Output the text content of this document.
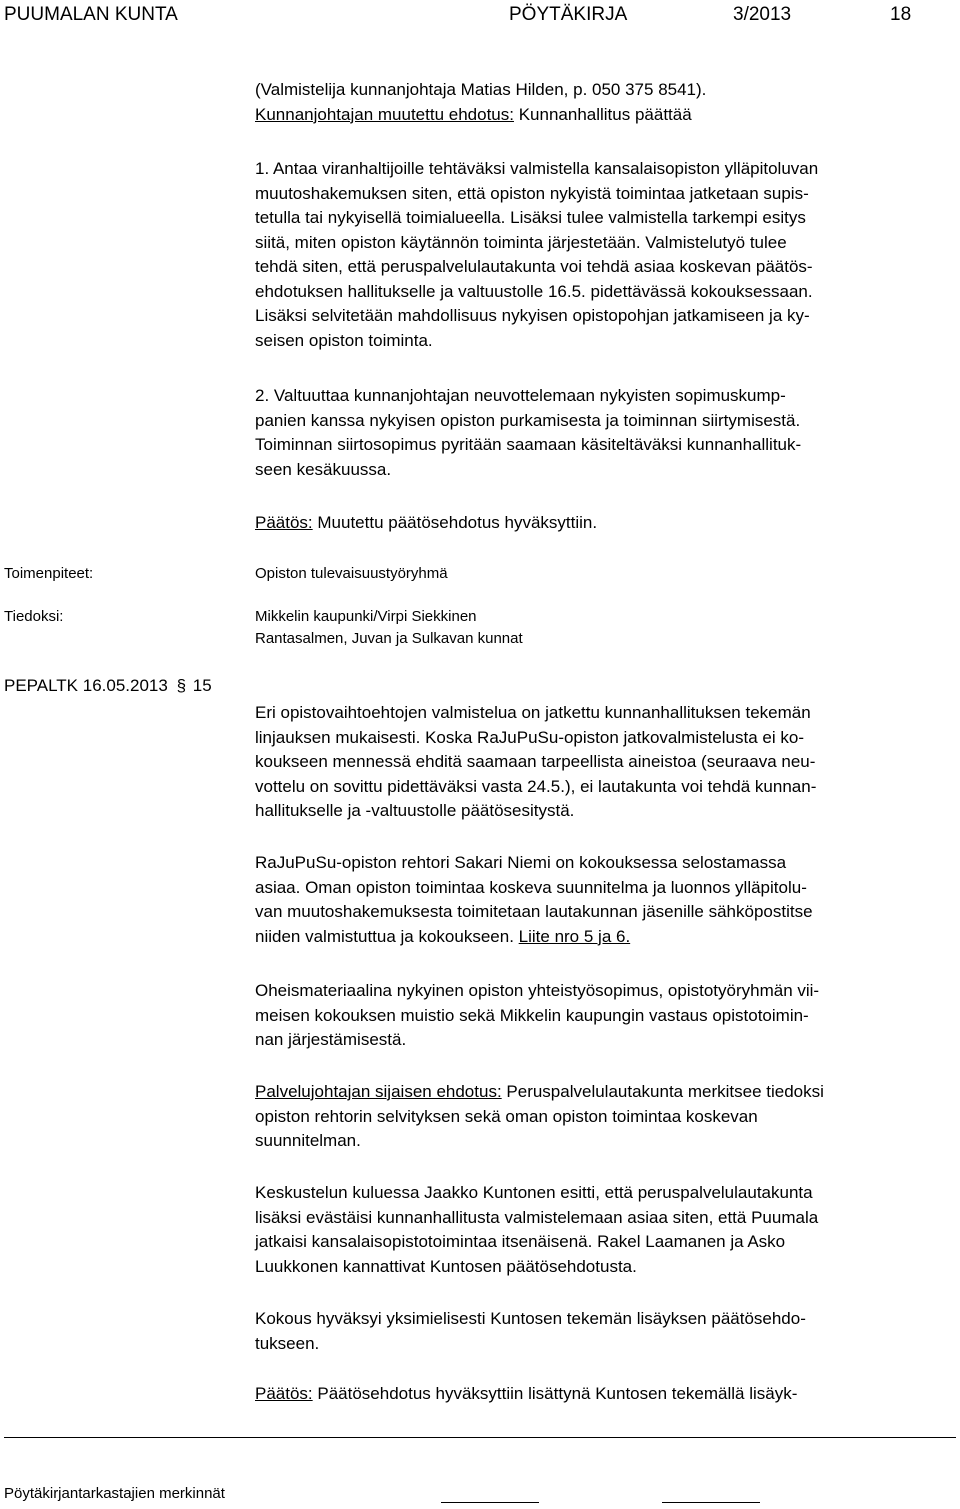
PUUMALAN KUNTA	PÖYTÄKIRJA	3/2013	18
(Valmistelija kunnanjohtaja Matias Hilden, p. 050 375 8541).
Kunnanjohtajan muutettu ehdotus: Kunnanhallitus päättää
1. Antaa viranhaltijoille tehtäväksi valmistella kansalaisopiston ylläpitoluvan
muutoshakemuksen siten, että opiston nykyistä toimintaa jatketaan supis-
tetulla tai nykyisellä toimialueella. Lisäksi tulee valmistella tarkempi esitys
siitä, miten opiston käytännön toiminta järjestetään. Valmistelutyö tulee
tehdä siten, että peruspalvelulautakunta voi tehdä asiaa koskevan päätös-
ehdotuksen hallitukselle ja valtuustolle 16.5. pidettävässä kokouksessaan.
Lisäksi selvitetään mahdollisuus nykyisen opistopohjan jatkamiseen ja ky-
seisen opiston toiminta.
2. Valtuuttaa kunnanjohtajan neuvottelemaan nykyisten sopimuskump-
panien kanssa nykyisen opiston purkamisesta ja toiminnan siirtymisestä.
Toiminnan siirtosopimus pyritään saamaan käsiteltäväksi kunnanhallituk-
seen kesäkuussa.
Päätös: Muutettu päätösehdotus hyväksyttiin.
Toimenpiteet:	Opiston tulevaisuustyöryhmä
Tiedoksi:	Mikkelin kaupunki/Virpi Siekkinen
Rantasalmen, Juvan ja Sulkavan kunnat
PEPALTK 16.05.2013 § 15
Eri opistovaihtoehtojen valmistelua on jatkettu kunnanhallituksen tekemän
linjauksen mukaisesti. Koska RaJuPuSu-opiston jatkovalmistelusta ei ko-
koukseen mennessä ehditä saamaan tarpeellista aineistoa (seuraava neu-
vottelu on sovittu pidettäväksi vasta 24.5.), ei lautakunta voi tehdä kunnan-
hallitukselle ja -valtuustolle päätösesitystä.
RaJuPuSu-opiston rehtori Sakari Niemi on kokouksessa selostamassa
asiaa. Oman opiston toimintaa koskeva suunnitelma ja luonnos ylläpitolu-
van muutoshakemuksesta toimitetaan lautakunnan jäsenille sähköpostitse
niiden valmistuttua ja kokoukseen. Liite nro 5 ja 6.
Oheismateriaalina nykyinen opiston yhteistyösopimus, opistotyöryhmän vii-
meisen kokouksen muistio sekä Mikkelin kaupungin vastaus opistotoimin-
nan järjestämisestä.
Palvelujohtajan sijaisen ehdotus: Peruspalvelulautakunta merkitsee tiedoksi
opiston rehtorin selvityksen sekä oman opiston toimintaa koskevan
suunnitelman.
Keskustelun kuluessa Jaakko Kuntonen esitti, että peruspalvelulautakunta
lisäksi evästäisi kunnanhallitusta valmistelemaan asiaa siten, että Puumala
jatkaisi kansalaisopistotoimintaa itsenäisenä. Rakel Laamanen ja Asko
Luukkonen kannattivat Kuntosen päätösehdotusta.
Kokous hyväksyi yksimielisesti Kuntosen tekemän lisäyksen päätösehdo-
tukseen.
Päätös: Päätösehdotus hyväksyttiin lisättynä Kuntosen tekemällä lisäyk-
Pöytäkirjantarkastajien merkinnät
